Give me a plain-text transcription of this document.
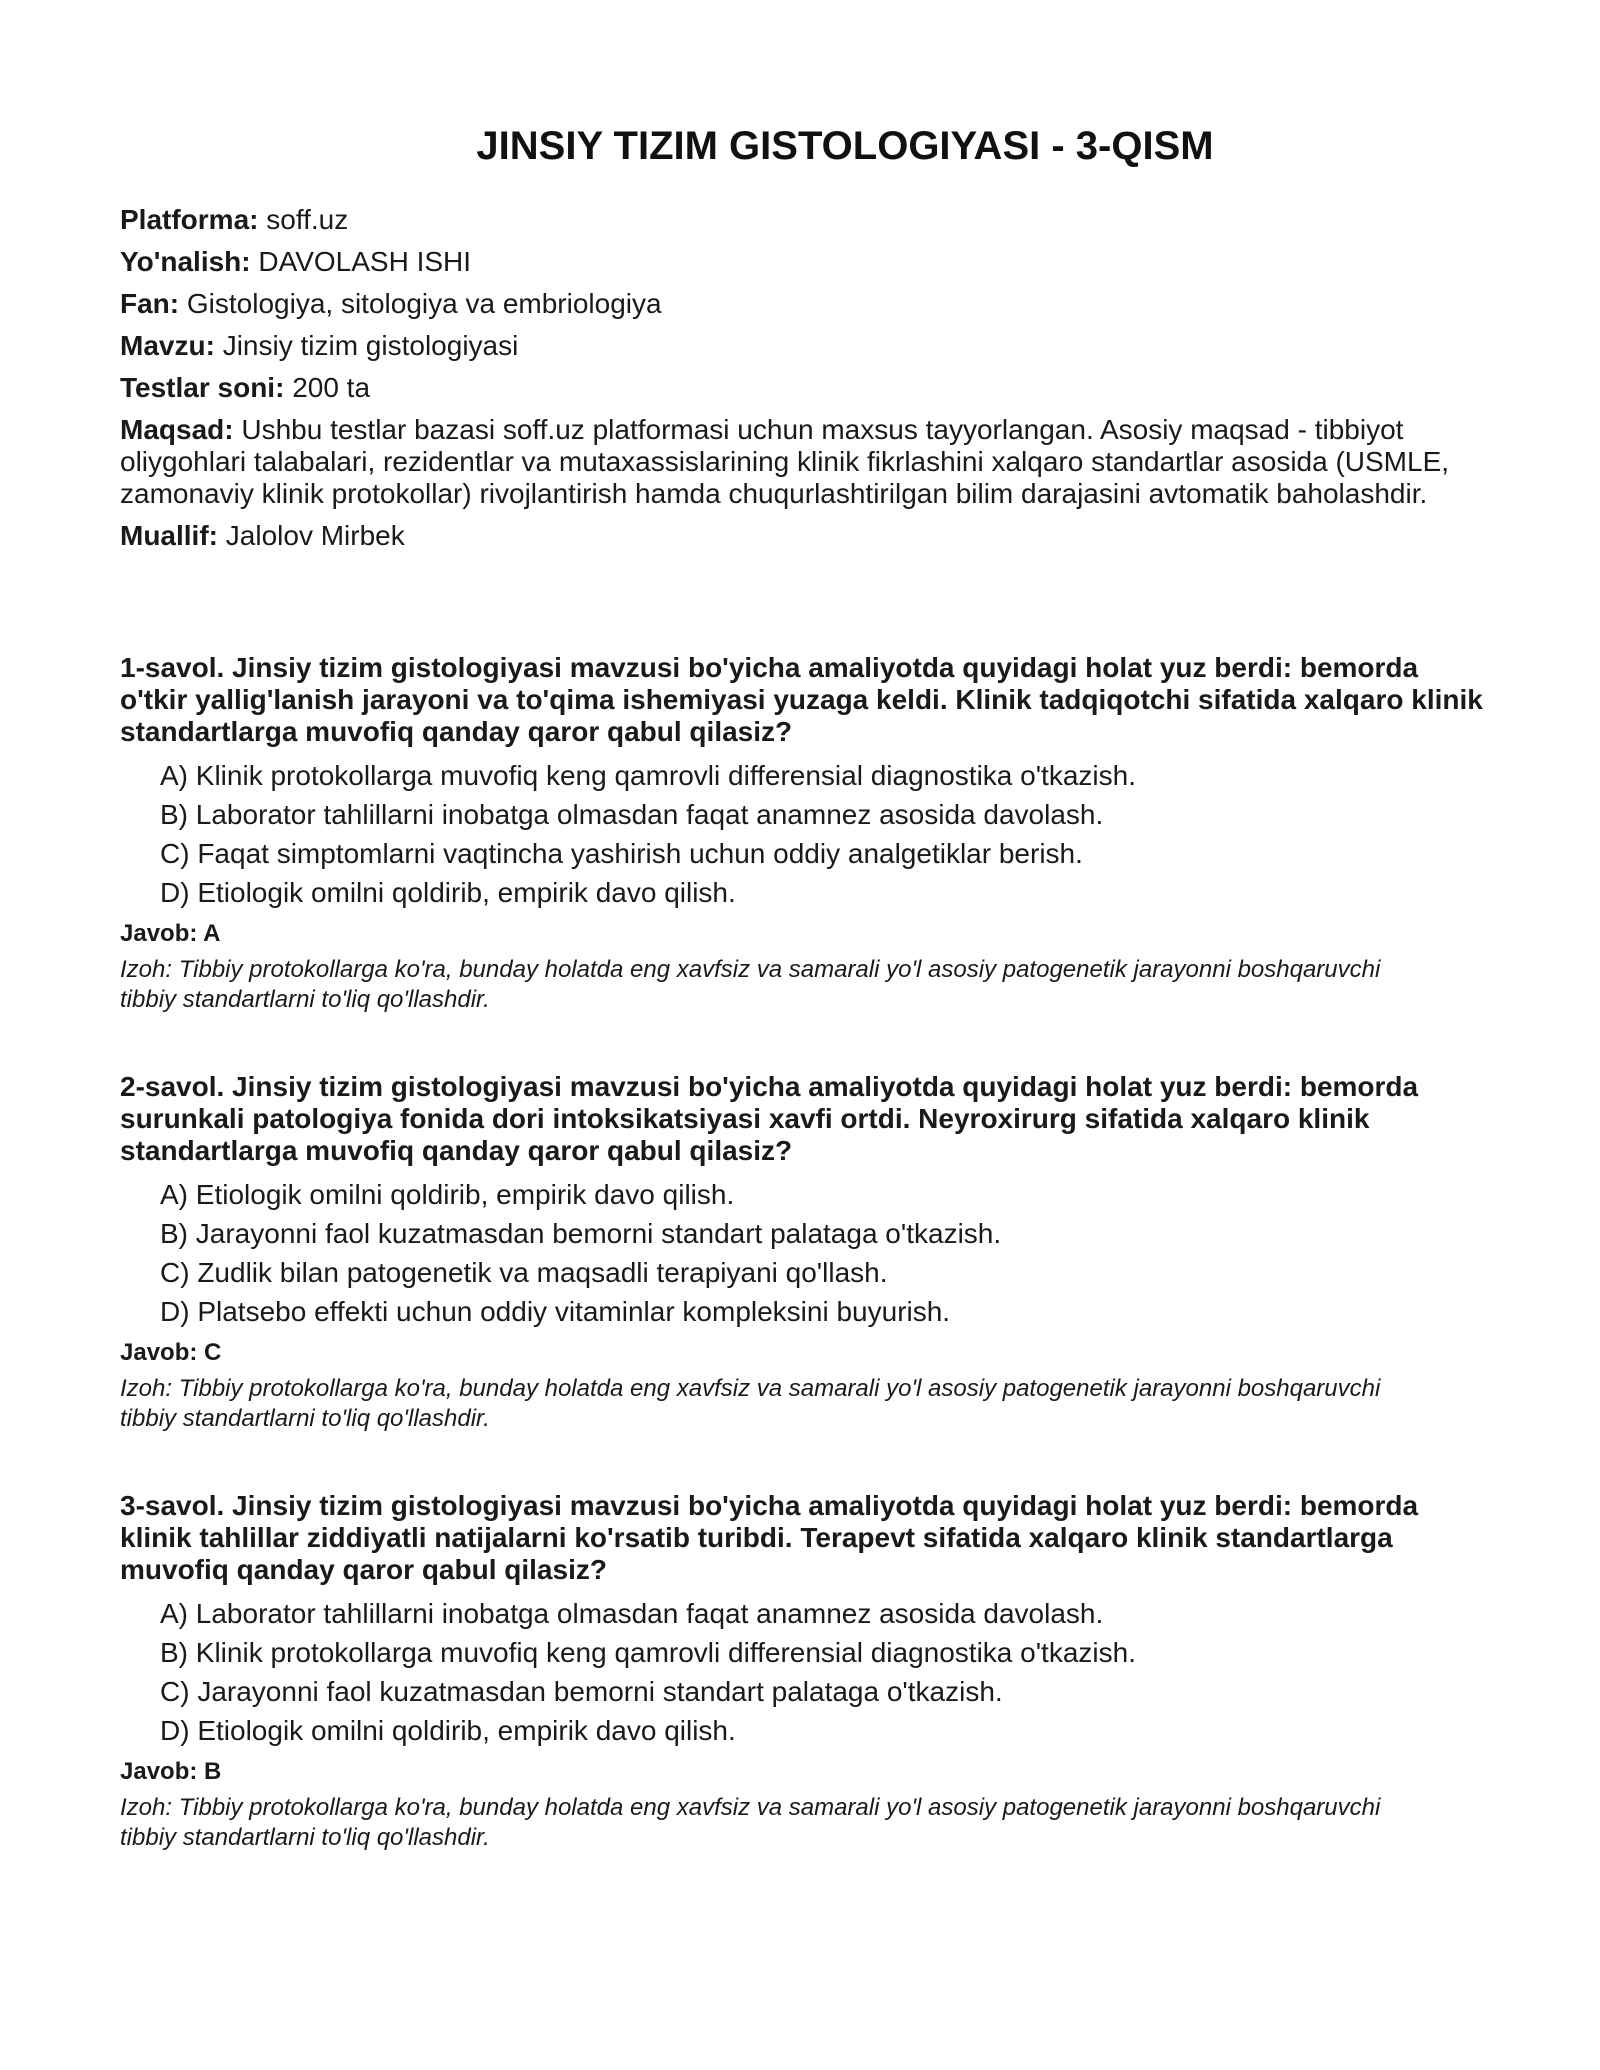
JINSIY TIZIM GISTOLOGIYASI - 3-QISM

Platforma: soff.uz

Yo'nalish: DAVOLASH ISHI

Fan: Gistologiya, sitologiya va embriologiya

Mavzu: Jinsiy tizim gistologiyasi

Testlar soni: 200 ta

Maqsad: Ushbu testlar bazasi soff.uz platformasi uchun maxsus tayyorlangan. Asosiy maqsad - tibbiyot oliygohlari talabalari, rezidentlar va mutaxassislarining klinik fikrlashini xalqaro standartlar asosida (USMLE, zamonaviy klinik protokollar) rivojlantirish hamda chuqurlashtirilgan bilim darajasini avtomatik baholashdir.

Muallif: Jalolov Mirbek

1-savol. Jinsiy tizim gistologiyasi mavzusi bo'yicha amaliyotda quyidagi holat yuz berdi: bemorda o'tkir yallig'lanish jarayoni va to'qima ishemiyasi yuzaga keldi. Klinik tadqiqotchi sifatida xalqaro klinik standartlarga muvofiq qanday qaror qabul qilasiz?

A) Klinik protokollarga muvofiq keng qamrovli differensial diagnostika o'tkazish.
B) Laborator tahlillarni inobatga olmasdan faqat anamnez asosida davolash.
C) Faqat simptomlarni vaqtincha yashirish uchun oddiy analgetiklar berish.
D) Etiologik omilni qoldirib, empirik davo qilish.

Javob: A

Izoh: Tibbiy protokollarga ko'ra, bunday holatda eng xavfsiz va samarali yo'l asosiy patogenetik jarayonni boshqaruvchi tibbiy standartlarni to'liq qo'llashdir.

2-savol. Jinsiy tizim gistologiyasi mavzusi bo'yicha amaliyotda quyidagi holat yuz berdi: bemorda surunkali patologiya fonida dori intoksikatsiyasi xavfi ortdi. Neyroxirurg sifatida xalqaro klinik standartlarga muvofiq qanday qaror qabul qilasiz?

A) Etiologik omilni qoldirib, empirik davo qilish.
B) Jarayonni faol kuzatmasdan bemorni standart palataga o'tkazish.
C) Zudlik bilan patogenetik va maqsadli terapiyani qo'llash.
D) Platsebo effekti uchun oddiy vitaminlar kompleksini buyurish.

Javob: C

Izoh: Tibbiy protokollarga ko'ra, bunday holatda eng xavfsiz va samarali yo'l asosiy patogenetik jarayonni boshqaruvchi tibbiy standartlarni to'liq qo'llashdir.

3-savol. Jinsiy tizim gistologiyasi mavzusi bo'yicha amaliyotda quyidagi holat yuz berdi: bemorda klinik tahlillar ziddiyatli natijalarni ko'rsatib turibdi. Terapevt sifatida xalqaro klinik standartlarga muvofiq qanday qaror qabul qilasiz?

A) Laborator tahlillarni inobatga olmasdan faqat anamnez asosida davolash.
B) Klinik protokollarga muvofiq keng qamrovli differensial diagnostika o'tkazish.
C) Jarayonni faol kuzatmasdan bemorni standart palataga o'tkazish.
D) Etiologik omilni qoldirib, empirik davo qilish.

Javob: B

Izoh: Tibbiy protokollarga ko'ra, bunday holatda eng xavfsiz va samarali yo'l asosiy patogenetik jarayonni boshqaruvchi tibbiy standartlarni to'liq qo'llashdir.
